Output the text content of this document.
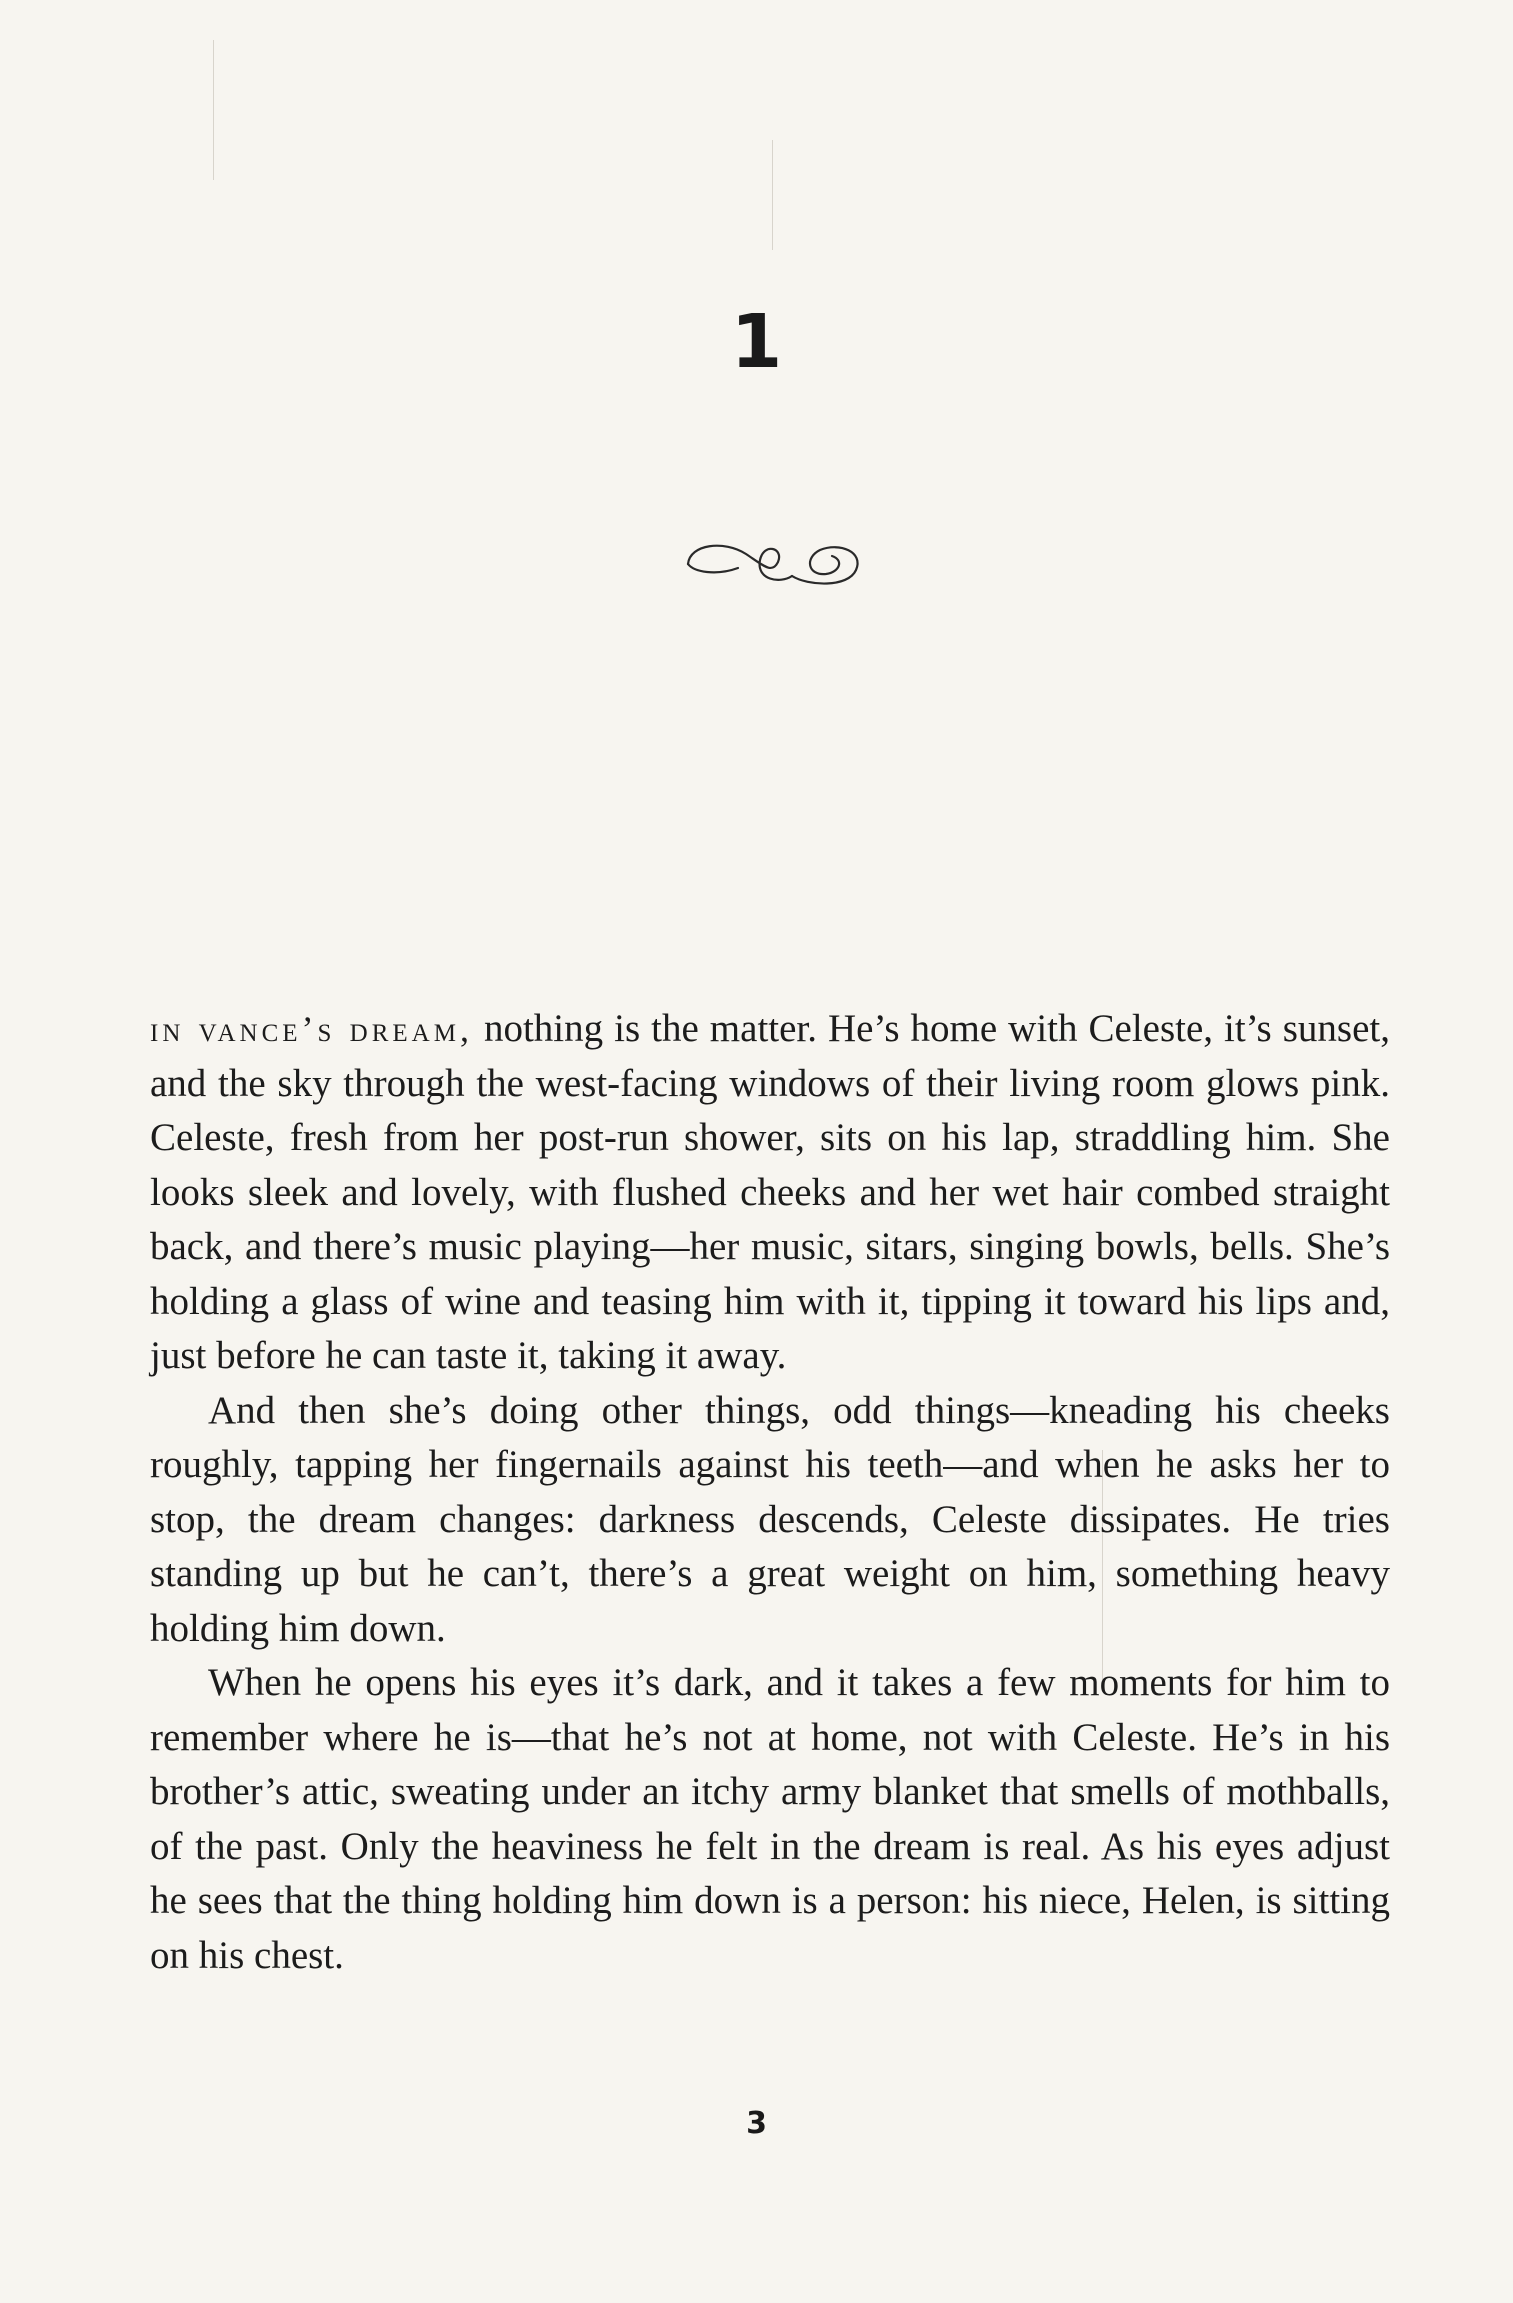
1

in vance’s dream, nothing is the matter. He’s home with Celeste, it’s sunset, and the sky through the west-facing windows of their living room glows pink. Celeste, fresh from her post-run shower, sits on his lap, straddling him. She looks sleek and lovely, with flushed cheeks and her wet hair combed straight back, and there’s music playing—her music, sitars, singing bowls, bells. She’s holding a glass of wine and teasing him with it, tipping it toward his lips and, just before he can taste it, taking it away.

And then she’s doing other things, odd things—kneading his cheeks roughly, tapping her fingernails against his teeth—and when he asks her to stop, the dream changes: darkness descends, Celeste dissipates. He tries standing up but he can’t, there’s a great weight on him, something heavy holding him down.

When he opens his eyes it’s dark, and it takes a few moments for him to remember where he is—that he’s not at home, not with Celeste. He’s in his brother’s attic, sweating under an itchy army blanket that smells of mothballs, of the past. Only the heaviness he felt in the dream is real. As his eyes adjust he sees that the thing holding him down is a person: his niece, Helen, is sitting on his chest.

3
